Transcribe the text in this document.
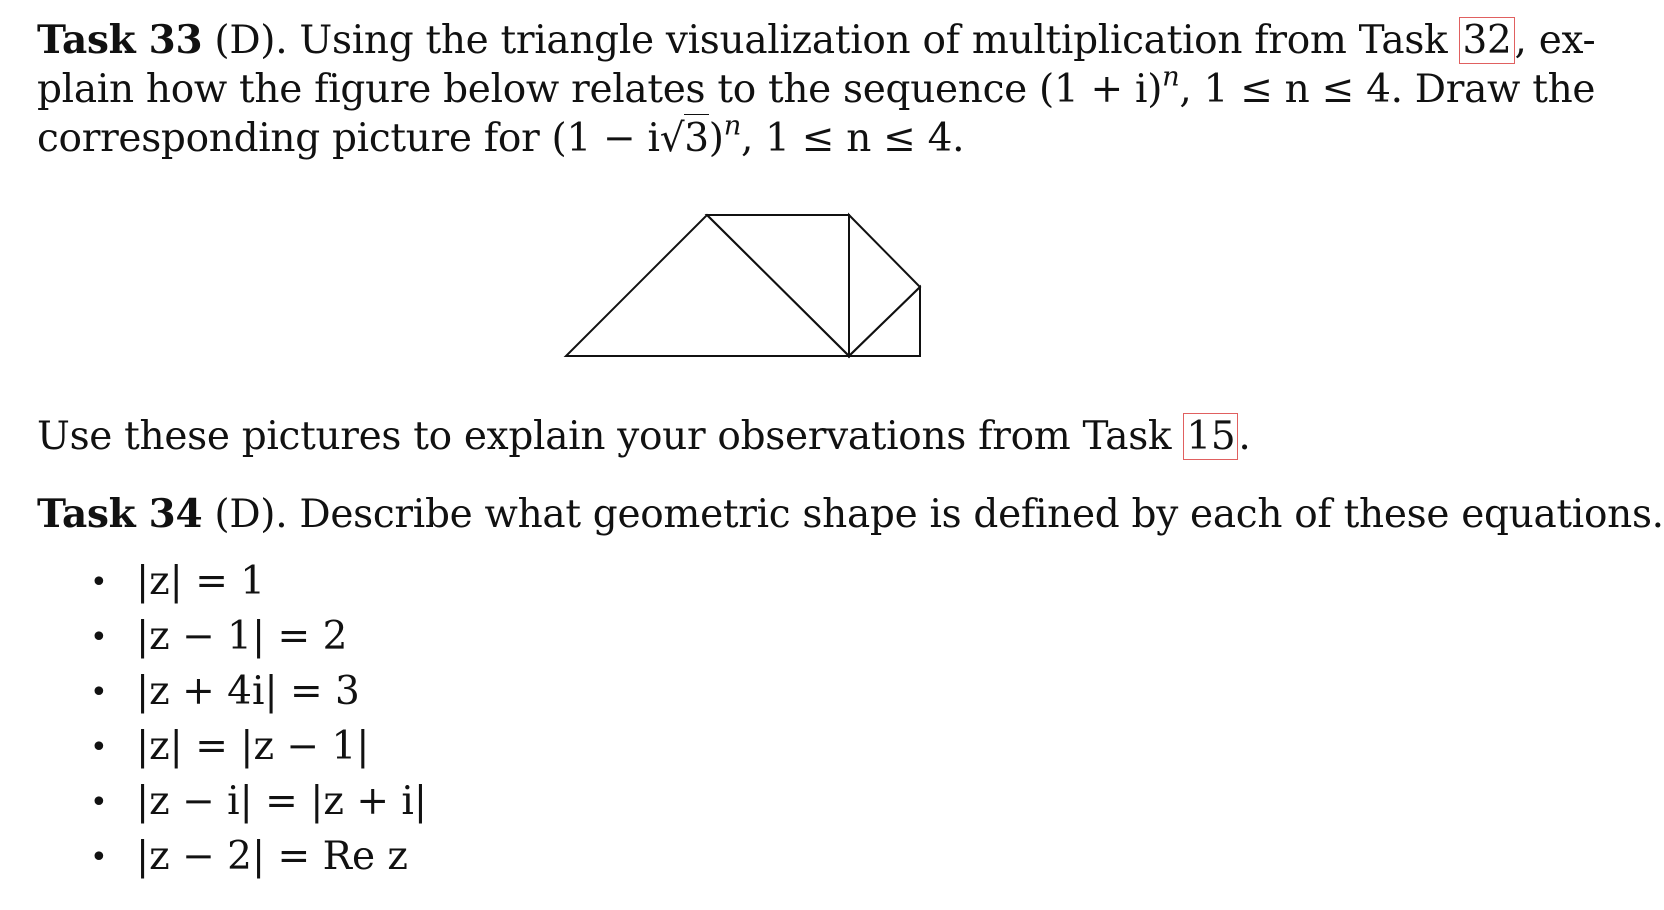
Task 33 (D). Using the triangle visualization of multiplication from Task 32, ex-
plain how the figure below relates to the sequence $(1 + i)^n$, 1 ≤ n ≤ 4. Draw the
corresponding picture for $(1 - i√3)^n$, 1 ≤ n ≤ 4.
Use these pictures to explain your observations from Task 15.
Task 34 (D). Describe what geometric shape is defined by each of these equations.
• |z| = 1
• |z − 1| = 2
• |z + 4i| = 3
• |z| = |z − 1|
• |z − i| = |z + i|
• |z − 2| = Re z
